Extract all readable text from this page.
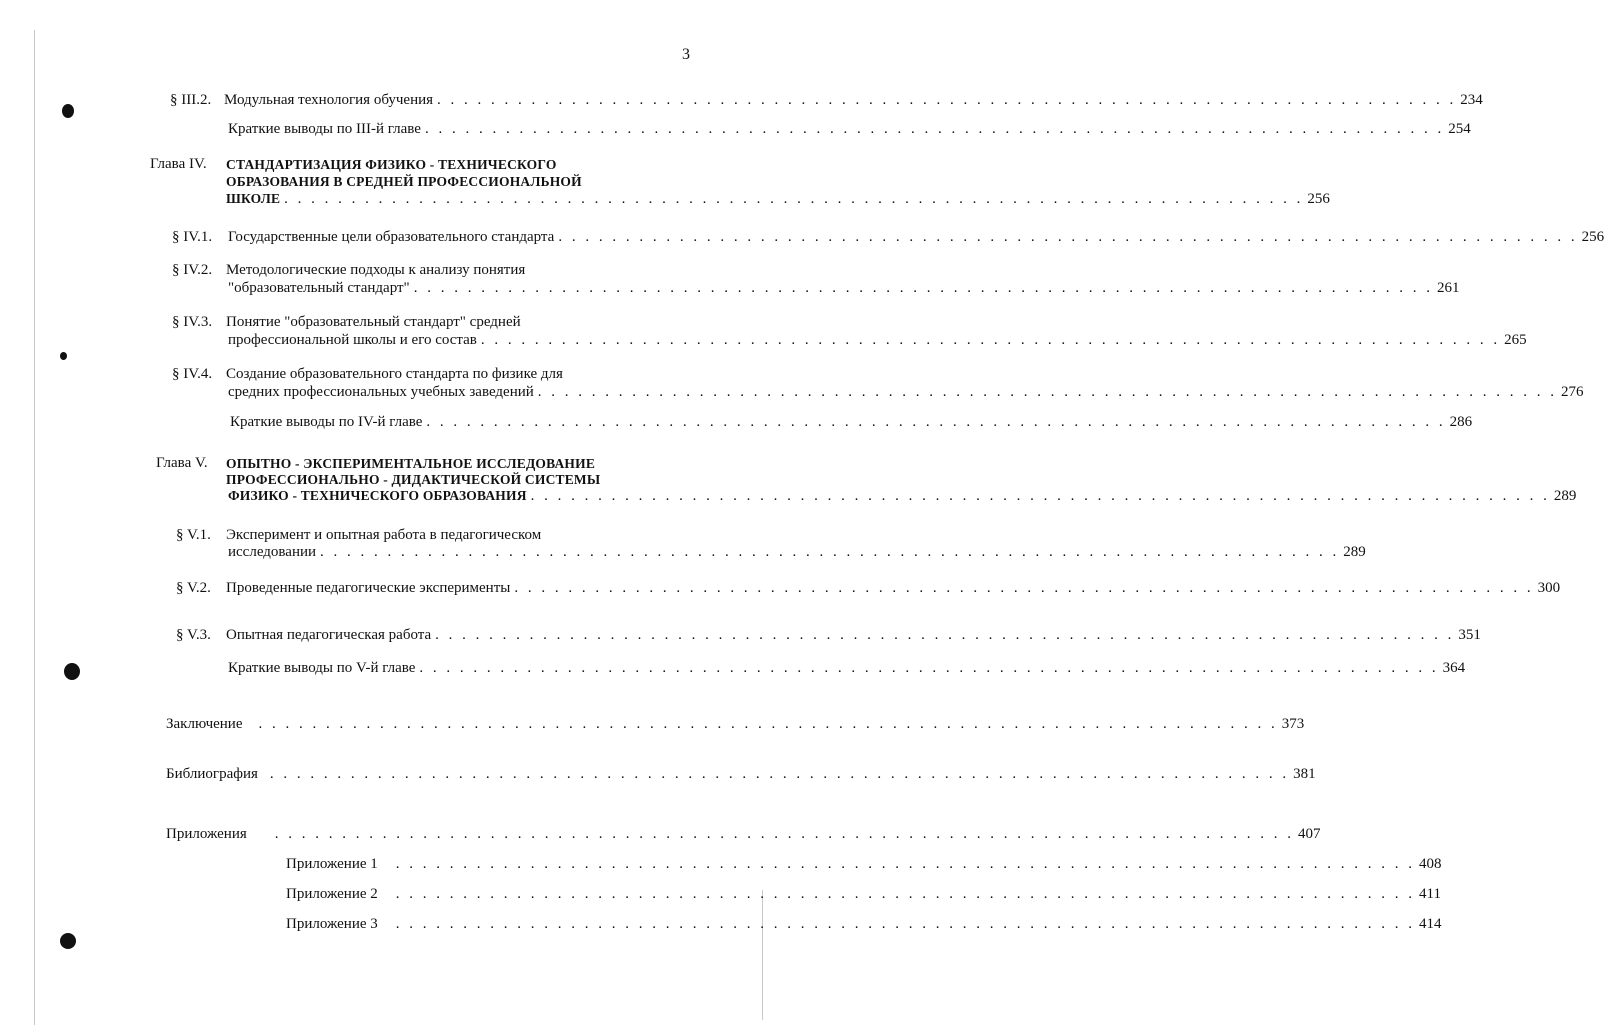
3
§ III.2. Модульная технология обучения . . . . . . . . . . . . . . . . . . . . . . . . . . . . . . . . . . . . . . . . . . . . . . . . . . . . . . . . . . . . . . . . . . . . . . . . . . . . 234
Краткие выводы по III-й главе . . . . . . . . . . . . . . . . . . . . . . . . . . . . . . . . . . . . . . . . . . . . . . . . . . . . . . . . . . . . . . . . . . . . . . . . . . . . 254
Глава IV. СТАНДАРТИЗАЦИЯ ФИЗИКО - ТЕХНИЧЕСКОГО
ОБРАЗОВАНИЯ В СРЕДНЕЙ ПРОФЕССИОНАЛЬНОЙ
ШКОЛЕ . . . . . . . . . . . . . . . . . . . . . . . . . . . . . . . . . . . . . . . . . . . . . . . . . . . . . . . . . . . . . . . . . . . . . . . . . . . . 256
§ IV.1. Государственные цели образовательного стандарта . . . . . . . . . . . . . . . . . . . . . . . . . . . . . . . . . . . . . . . . . . . . . . . . . . . . . . . . . . . . . . . . . . . . . . . . . . . . 256
§ IV.2. Методологические подходы к анализу понятия
"образовательный стандарт" . . . . . . . . . . . . . . . . . . . . . . . . . . . . . . . . . . . . . . . . . . . . . . . . . . . . . . . . . . . . . . . . . . . . . . . . . . . . 261
§ IV.3. Понятие "образовательный стандарт" средней
профессиональной школы и его состав . . . . . . . . . . . . . . . . . . . . . . . . . . . . . . . . . . . . . . . . . . . . . . . . . . . . . . . . . . . . . . . . . . . . . . . . . . . . 265
§ IV.4. Создание образовательного стандарта по физике для
средних профессиональных учебных заведений . . . . . . . . . . . . . . . . . . . . . . . . . . . . . . . . . . . . . . . . . . . . . . . . . . . . . . . . . . . . . . . . . . . . . . . . . . . . 276
Краткие выводы по IV-й главе . . . . . . . . . . . . . . . . . . . . . . . . . . . . . . . . . . . . . . . . . . . . . . . . . . . . . . . . . . . . . . . . . . . . . . . . . . . . 286
Глава V. ОПЫТНО - ЭКСПЕРИМЕНТАЛЬНОЕ ИССЛЕДОВАНИЕ
ПРОФЕССИОНАЛЬНО - ДИДАКТИЧЕСКОЙ СИСТЕМЫ
ФИЗИКО - ТЕХНИЧЕСКОГО ОБРАЗОВАНИЯ . . . . . . . . . . . . . . . . . . . . . . . . . . . . . . . . . . . . . . . . . . . . . . . . . . . . . . . . . . . . . . . . . . . . . . . . . . . . 289
§ V.1. Эксперимент и опытная работа в педагогическом
исследовании . . . . . . . . . . . . . . . . . . . . . . . . . . . . . . . . . . . . . . . . . . . . . . . . . . . . . . . . . . . . . . . . . . . . . . . . . . . . 289
§ V.2. Проведенные педагогические эксперименты . . . . . . . . . . . . . . . . . . . . . . . . . . . . . . . . . . . . . . . . . . . . . . . . . . . . . . . . . . . . . . . . . . . . . . . . . . . . 300
§ V.3. Опытная педагогическая работа . . . . . . . . . . . . . . . . . . . . . . . . . . . . . . . . . . . . . . . . . . . . . . . . . . . . . . . . . . . . . . . . . . . . . . . . . . . . 351
Краткие выводы по V-й главе . . . . . . . . . . . . . . . . . . . . . . . . . . . . . . . . . . . . . . . . . . . . . . . . . . . . . . . . . . . . . . . . . . . . . . . . . . . . 364
Заключение . . . . . . . . . . . . . . . . . . . . . . . . . . . . . . . . . . . . . . . . . . . . . . . . . . . . . . . . . . . . . . . . . . . . . . . . . . . . 373
Библиография . . . . . . . . . . . . . . . . . . . . . . . . . . . . . . . . . . . . . . . . . . . . . . . . . . . . . . . . . . . . . . . . . . . . . . . . . . . . 381
Приложения . . . . . . . . . . . . . . . . . . . . . . . . . . . . . . . . . . . . . . . . . . . . . . . . . . . . . . . . . . . . . . . . . . . . . . . . . . . . 407
Приложение 1 . . . . . . . . . . . . . . . . . . . . . . . . . . . . . . . . . . . . . . . . . . . . . . . . . . . . . . . . . . . . . . . . . . . . . . . . . . . . 408
Приложение 2 . . . . . . . . . . . . . . . . . . . . . . . . . . . . . . . . . . . . . . . . . . . . . . . . . . . . . . . . . . . . . . . . . . . . . . . . . . . . 411
Приложение 3 . . . . . . . . . . . . . . . . . . . . . . . . . . . . . . . . . . . . . . . . . . . . . . . . . . . . . . . . . . . . . . . . . . . . . . . . . . . . 414
